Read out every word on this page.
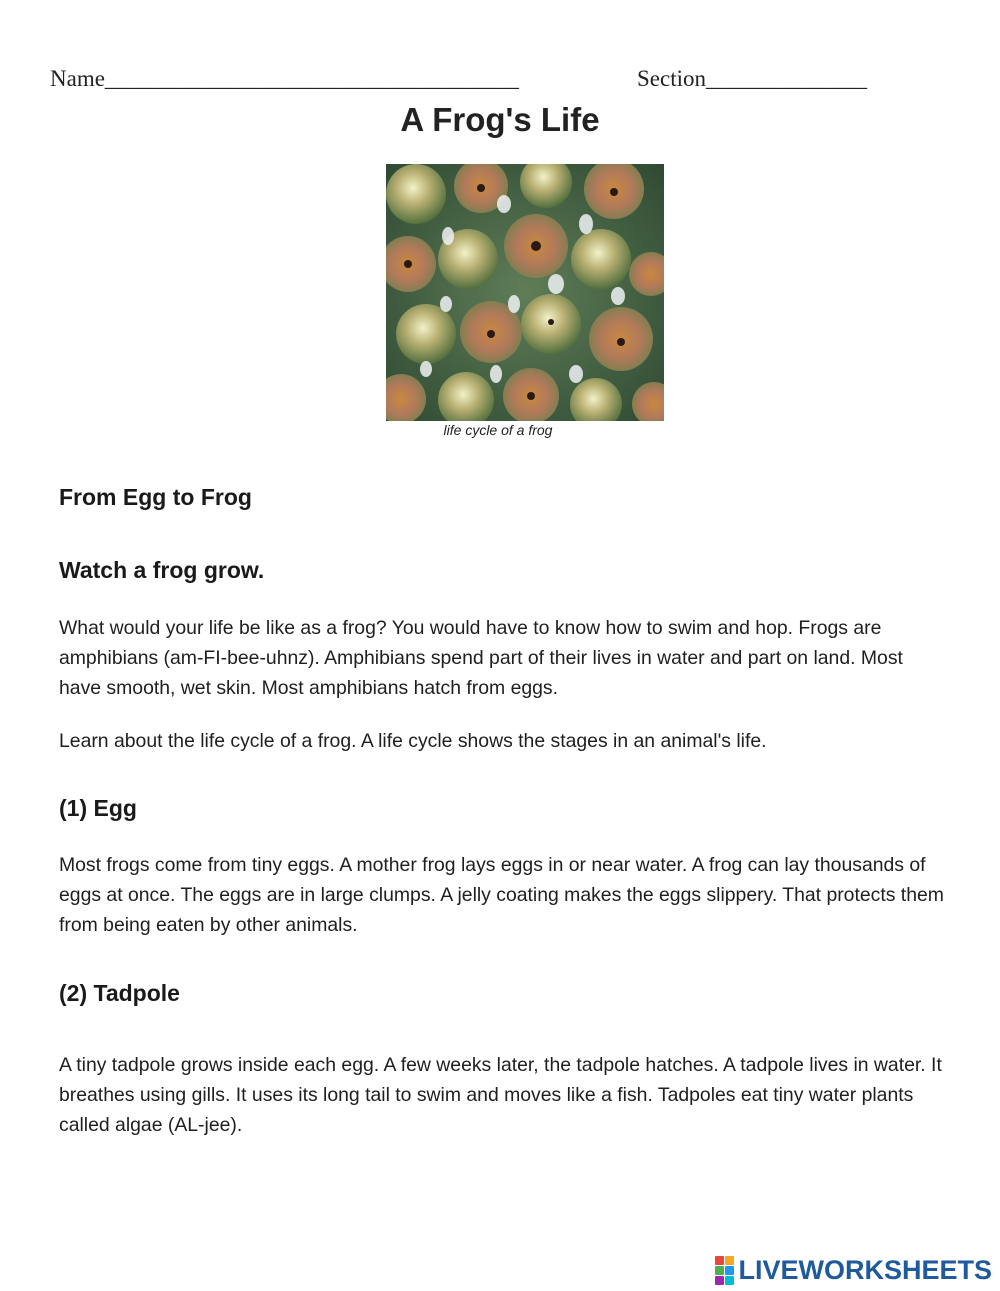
Name____________________________________	Section______________
A Frog's Life
life cycle of a frog
From Egg to Frog
Watch a frog grow.

What would your life be like as a frog? You would have to know how to swim and hop. Frogs are amphibians (am-FI-bee-uhnz). Amphibians spend part of their lives in water and part on land. Most have smooth, wet skin. Most amphibians hatch from eggs.

Learn about the life cycle of a frog. A life cycle shows the stages in an animal's life.

(1) Egg

Most frogs come from tiny eggs. A mother frog lays eggs in or near water. A frog can lay thousands of eggs at once. The eggs are in large clumps. A jelly coating makes the eggs slippery. That protects them from being eaten by other animals.

(2) Tadpole

A tiny tadpole grows inside each egg. A few weeks later, the tadpole hatches. A tadpole lives in water. It breathes using gills. It uses its long tail to swim and moves like a fish. Tadpoles eat tiny water plants called algae (AL-jee).

LIVEWORKSHEETS
